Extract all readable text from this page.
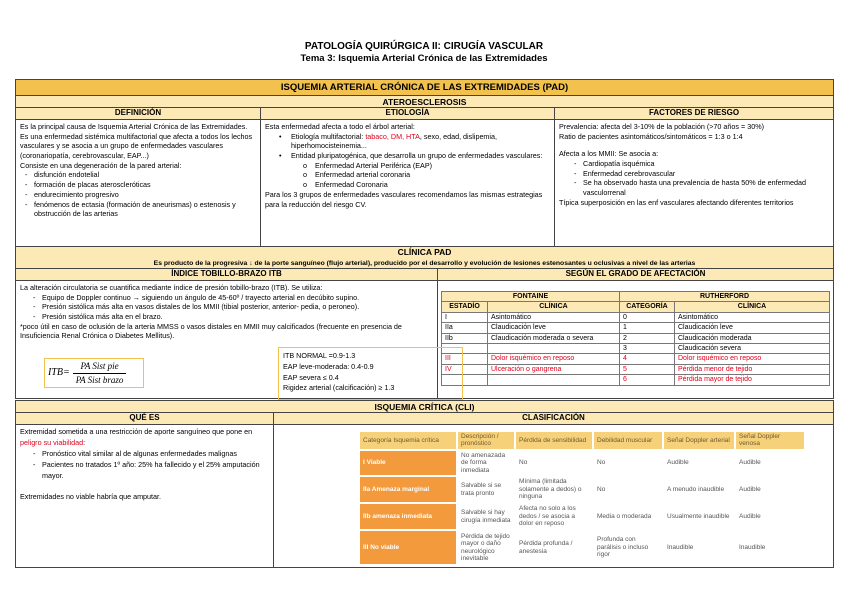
PATOLOGÍA QUIRÚRGICA II: CIRUGÍA VASCULAR
Tema 3: Isquemia Arterial Crónica de las Extremidades
ISQUEMIA ARTERIAL CRÓNICA DE LAS EXTREMIDADES (PAD)
ATEROESCLEROSIS
DEFINICIÓN

Es la principal causa de Isquemia Arterial Crónica de las Extremidades. Es una enfermedad sistémica multifactorial que afecta a todos los lechos vasculares y se asocia a un grupo de enfermedades vasculares (coronariopatía, cerebrovascular, EAP...)

Consiste en una degeneración de la pared arterial:

- disfunción endotelial
- formación de placas ateroscleróticas
- endurecimiento progresivo
- fenómenos de ectasia (formación de aneurismas) o estenosis y obstrucción de las arterias
ETIOLOGÍA

Esta enfermedad afecta a todo el árbol arterial:

• Etiología multifactorial: tabaco, DM, HTA, sexo, edad, dislipemia, hiperhomocisteinemia...
• Entidad pluripatogénica, que desarrolla un grupo de enfermedades vasculares:
o Enfermedad Arterial Periférica (EAP)
o Enfermedad arterial coronaria
o Enfermedad Coronaria

Para los 3 grupos de enfermedades vasculares recomendamos las mismas estrategias para la reducción del riesgo CV.

FACTORES DE RIESGO

Prevalencia: afecta del 3-10% de la población (>70 años = 30%)

Ratio de pacientes asintomáticos/sintomáticos = 1:3 o 1:4

Afecta a los MMII: Se asocia a:

- Cardiopatía isquémica
- Enfermedad cerebrovascular
- Se ha observado hasta una prevalencia de hasta 50% de enfermedad vasculorrenal

Típica superposición en las enf vasculares afectando diferentes territorios

CLÍNICA PAD
Es producto de la progresiva ↓ de la porte sanguíneo (flujo arterial), producido por el desarrollo y evolución de lesiones estenosantes u oclusivas a nivel de las arterias
ÍNDICE TOBILLO-BRAZO ITB

La alteración circulatoria se cuantifica mediante índice de presión tobillo-brazo (ITB). Se utiliza:

- Equipo de Doppler continuo → siguiendo un ángulo de 45-60º / trayecto arterial en decúbito supino.
- Presión sistólica más alta en vasos distales de los MMII (tibial posterior, anterior- pedia, o peroneo).
- Presión sistólica más alta en el brazo.

*poco útil en caso de oclusión de la arteria MMSS o vasos distales en MMII muy calcificados (frecuente en presencia de Insuficiencia Renal Crónica o Diabetes Mellitus).

$ITB= \frac{\text{PA Sist pie}}{\text{PA Sist brazo}}$
ITB NORMAL =0.9-1.3
EAP leve-moderada: 0.4-0.9
EAP severa ≤ 0.4
Rigidez arterial (calcificación) ≥ 1.3
SEGÚN EL GRADO DE AFECTACIÓN
FONTAINE		RUTHERFORD	
ESTADÍO	CLÍNICA	CATEGORÍA	CLÍNICA
I	Asintomático	0	Asintomático
IIa	Claudicación leve	1	Claudicación leve
IIb	Claudicación moderada o severa	2	Claudicación moderada
		3	Claudicación severa
III	Dolor isquémico en reposo	4	Dolor isquémico en reposo
IV	Ulceración o gangrena	5	Pérdida menor de tejido
		6	Pérdida mayor de tejido
ISQUEMIA CRÍTICA (CLI)
QUÉ ES

Extremidad sometida a una restricción de aporte sanguíneo que pone en peligro su viabilidad:

- Pronóstico vital similar al de algunas enfermedades malignas
- Pacientes no tratados 1º año: 25% ha fallecido y el 25% amputación mayor.

Extremidades no viable habría que amputar.

CLASIFICACIÓN
Categoría Isquemia crítica	Descripción / pronóstico	Pérdida de sensibilidad	Debilidad muscular	Señal Doppler arterial	Señal Doppler venosa
I Viable	No amenazada de forma inmediata	No	No	Audible	Audible
IIa Amenaza marginal	Salvable si se trata pronto	Mínima (limitada solamente a dedos) o ninguna	No	A menudo inaudible	Audible
IIb amenaza inmediata	Salvable si hay cirugía inmediata	Afecta no solo a los dedos / se asocia a dolor en reposo	Media o moderada	Usualmente inaudible	Audible
III No viable	Pérdida de tejido mayor o daño neurológico inevitable	Pérdida profunda / anestesia	Profunda con parálisis o incluso rigor	Inaudible	Inaudible
